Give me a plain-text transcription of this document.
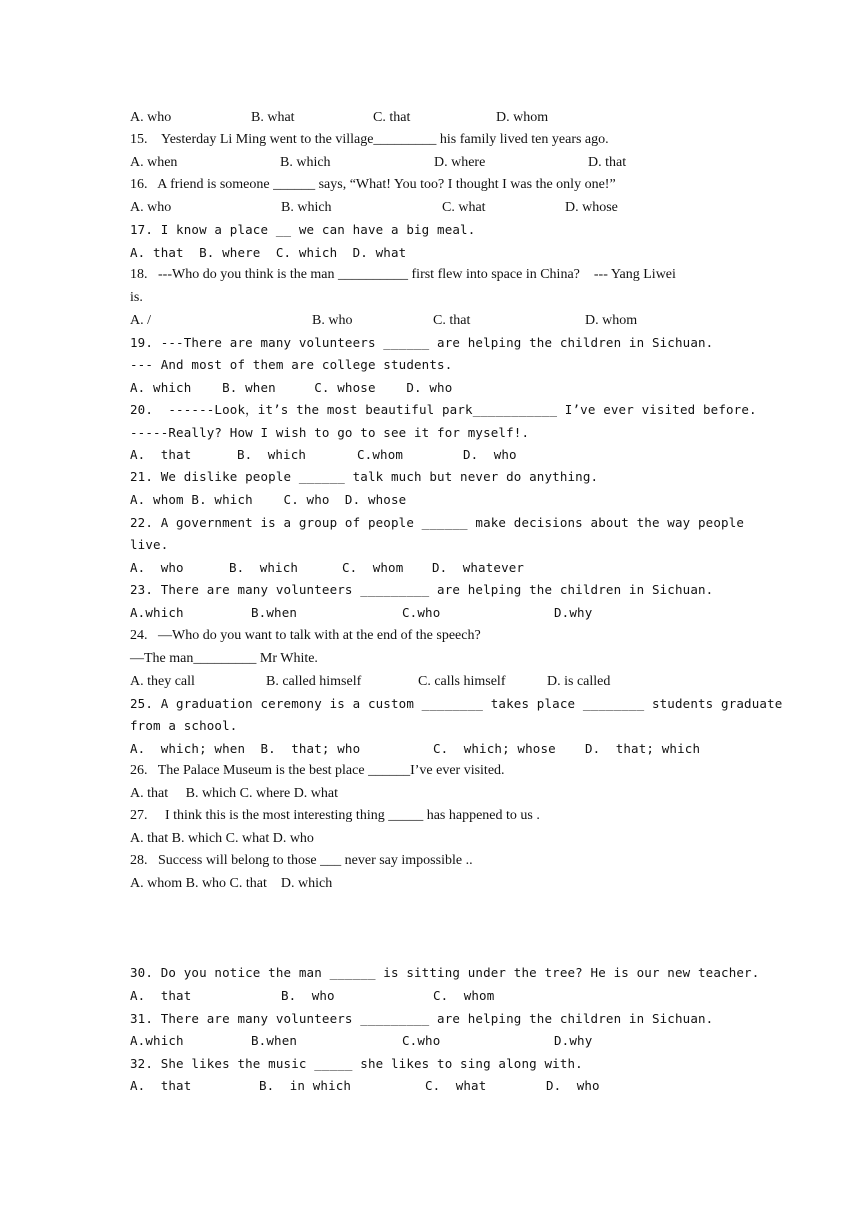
A. who	B. what	C. that	D. whom
15.    Yesterday Li Ming went to the village_________ his family lived ten years ago.
A. when	B. which	D. where	D. that
16.   A friend is someone ______ says, “What! You too? I thought I was the only one!”
A. who	B. which	C. what	D. whose
17. I know a place __ we can have a big meal.
A. that  B. where  C. which  D. what
18.   ---Who do you think is the man __________ first flew into space in China?    --- Yang Liwei
is.
A. /	B. who	C. that	D. whom
19. ---There are many volunteers ______ are helping the children in Sichuan.
--- And most of them are college students.
A. which    B. when     C. whose    D. who
20.  ------Look，it’s the most beautiful park___________ I’ve ever visited before.
-----Really? How I wish to go to see it for myself!.
A.  that	B.  which	C.whom	D.  who
21. We dislike people ______ talk much but never do anything.
A. whom B. which    C. who  D. whose
22. A government is a group of people ______ make decisions about the way people
live.
A.  who	B.  which	C.  whom D.  whatever
23. There are many volunteers _________ are helping the children in Sichuan.
A.which	B.when	C.who	D.why
24.   —Who do you want to talk with at the end of the speech?
—The man_________ Mr White.
A. they call	B. called himself	C. calls himself	D. is called
25. A graduation ceremony is a custom ________ takes place ________ students graduate
from a school.
A.  which; when  B.  that; who	C.  which; whose D.  that; which
26.   The Palace Museum is the best place ______I’ve ever visited.
A. that     B. which C. where D. what
27.     I think this is the most interesting thing _____ has happened to us .
A. that B. which C. what D. who
28.   Success will belong to those ___ never say impossible ..
A. whom B. who C. that    D. which
30. Do you notice the man ______ is sitting under the tree? He is our new teacher.
A.  that	B.  who	C.  whom
31. There are many volunteers _________ are helping the children in Sichuan.
A.which	B.when	C.who	D.why
32. She likes the music _____ she likes to sing along with.
A.  that	B.  in which	C.  what	D.  who
